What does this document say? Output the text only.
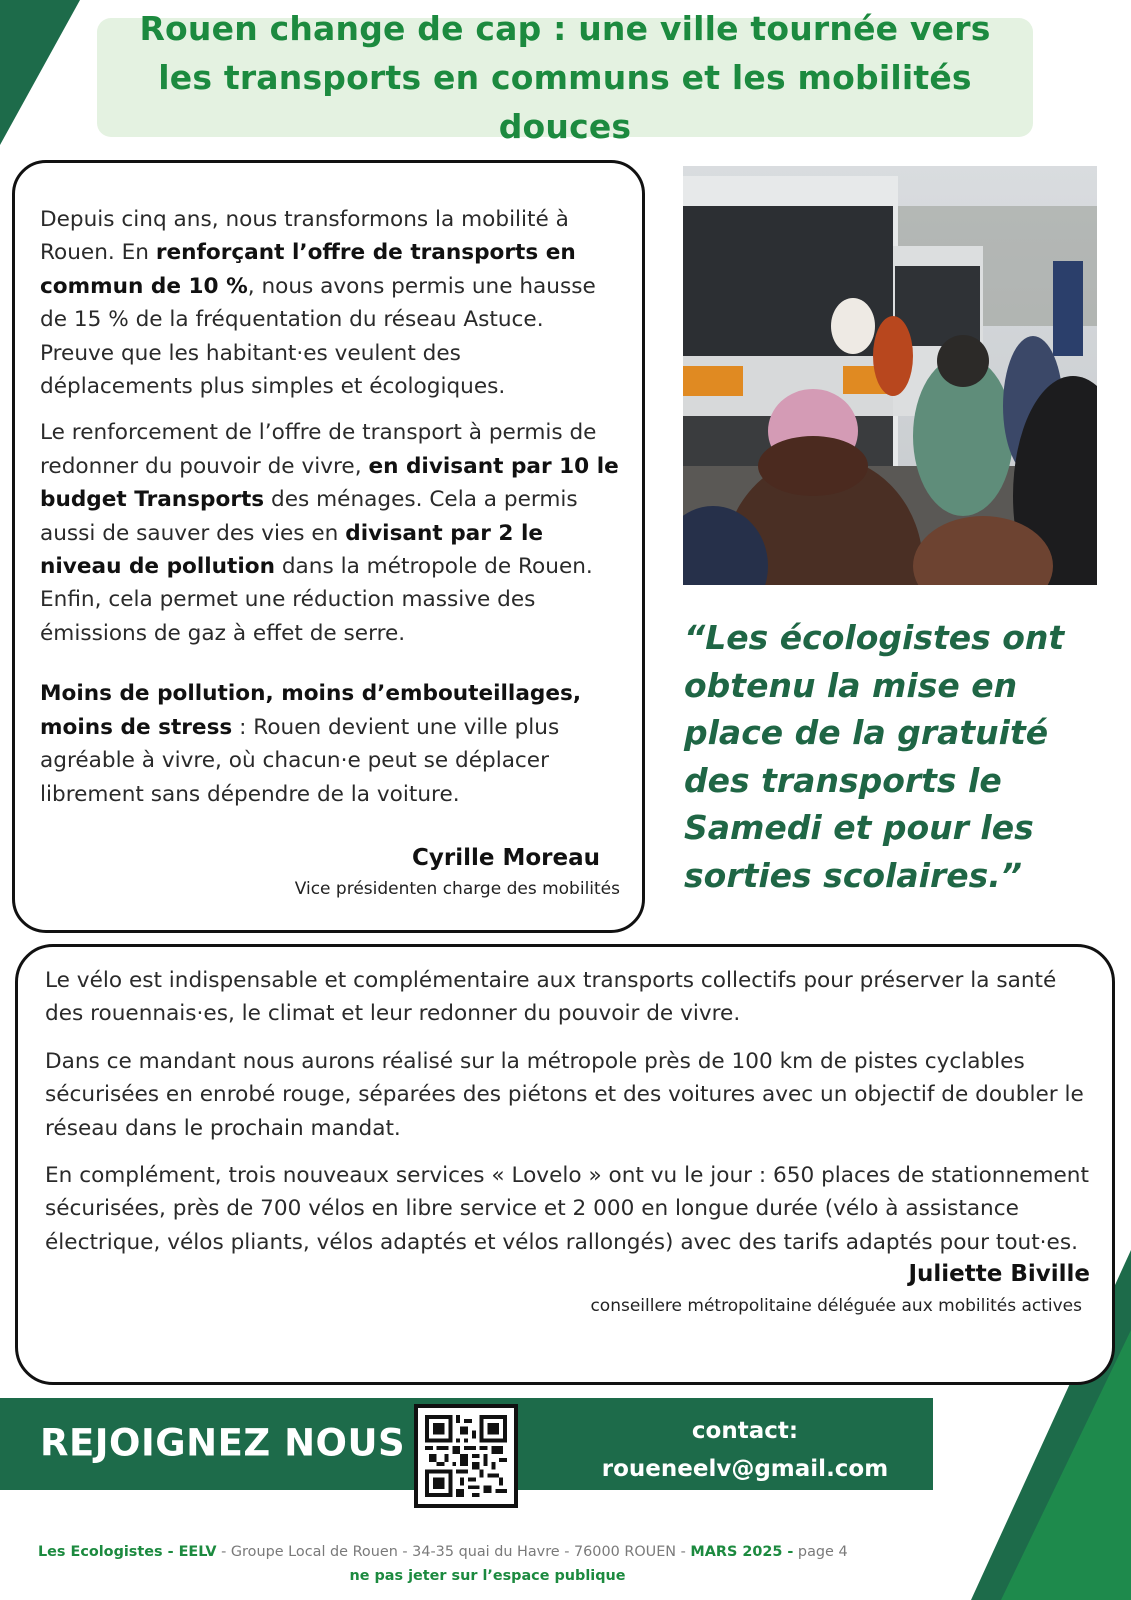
Rouen change de cap : une ville tournée vers les transports en communs et les mobilités douces

Depuis cinq ans, nous transformons la mobilité à Rouen. En renforçant l’offre de transports en commun de 10 %, nous avons permis une hausse de 15 % de la fréquentation du réseau Astuce. Preuve que les habitant·es veulent des déplacements plus simples et écologiques.

Le renforcement de l’offre de transport à permis de redonner du pouvoir de vivre, en divisant par 10 le budget Transports des ménages. Cela a permis aussi de sauver des vies en divisant par 2 le niveau de pollution dans la métropole de Rouen. Enfin, cela permet une réduction massive des émissions de gaz à effet de serre.

Moins de pollution, moins d’embouteillages, moins de stress : Rouen devient une ville plus agréable à vivre, où chacun·e peut se déplacer librement sans dépendre de la voiture.

Cyrille Moreau
Vice présidenten charge des mobilités
“Les écologistes ont obtenu la mise en place de la gratuité des transports le Samedi et pour les sorties scolaires.”

Le vélo est indispensable et complémentaire aux transports collectifs pour préserver la santé des rouennais·es, le climat et leur redonner du pouvoir de vivre.

Dans ce mandant nous aurons réalisé sur la métropole près de 100 km de pistes cyclables sécurisées en enrobé rouge, séparées des piétons et des voitures avec un objectif de doubler le réseau dans le prochain mandat.

En complément, trois nouveaux services « Lovelo » ont vu le jour : 650 places de stationnement sécurisées, près de 700 vélos en libre service et 2 000 en longue durée (vélo à assistance électrique, vélos pliants, vélos adaptés et vélos rallongés) avec des tarifs adaptés pour tout·es.

Juliette Biville
conseillere métropolitaine déléguée aux mobilités actives
REJOIGNEZ NOUS	contact:
roueneelv@gmail.com
Les Ecologistes - EELV - Groupe Local de Rouen - 34-35 quai du Havre - 76000 ROUEN - MARS 2025 - page 4
ne pas jeter sur l’espace publique
